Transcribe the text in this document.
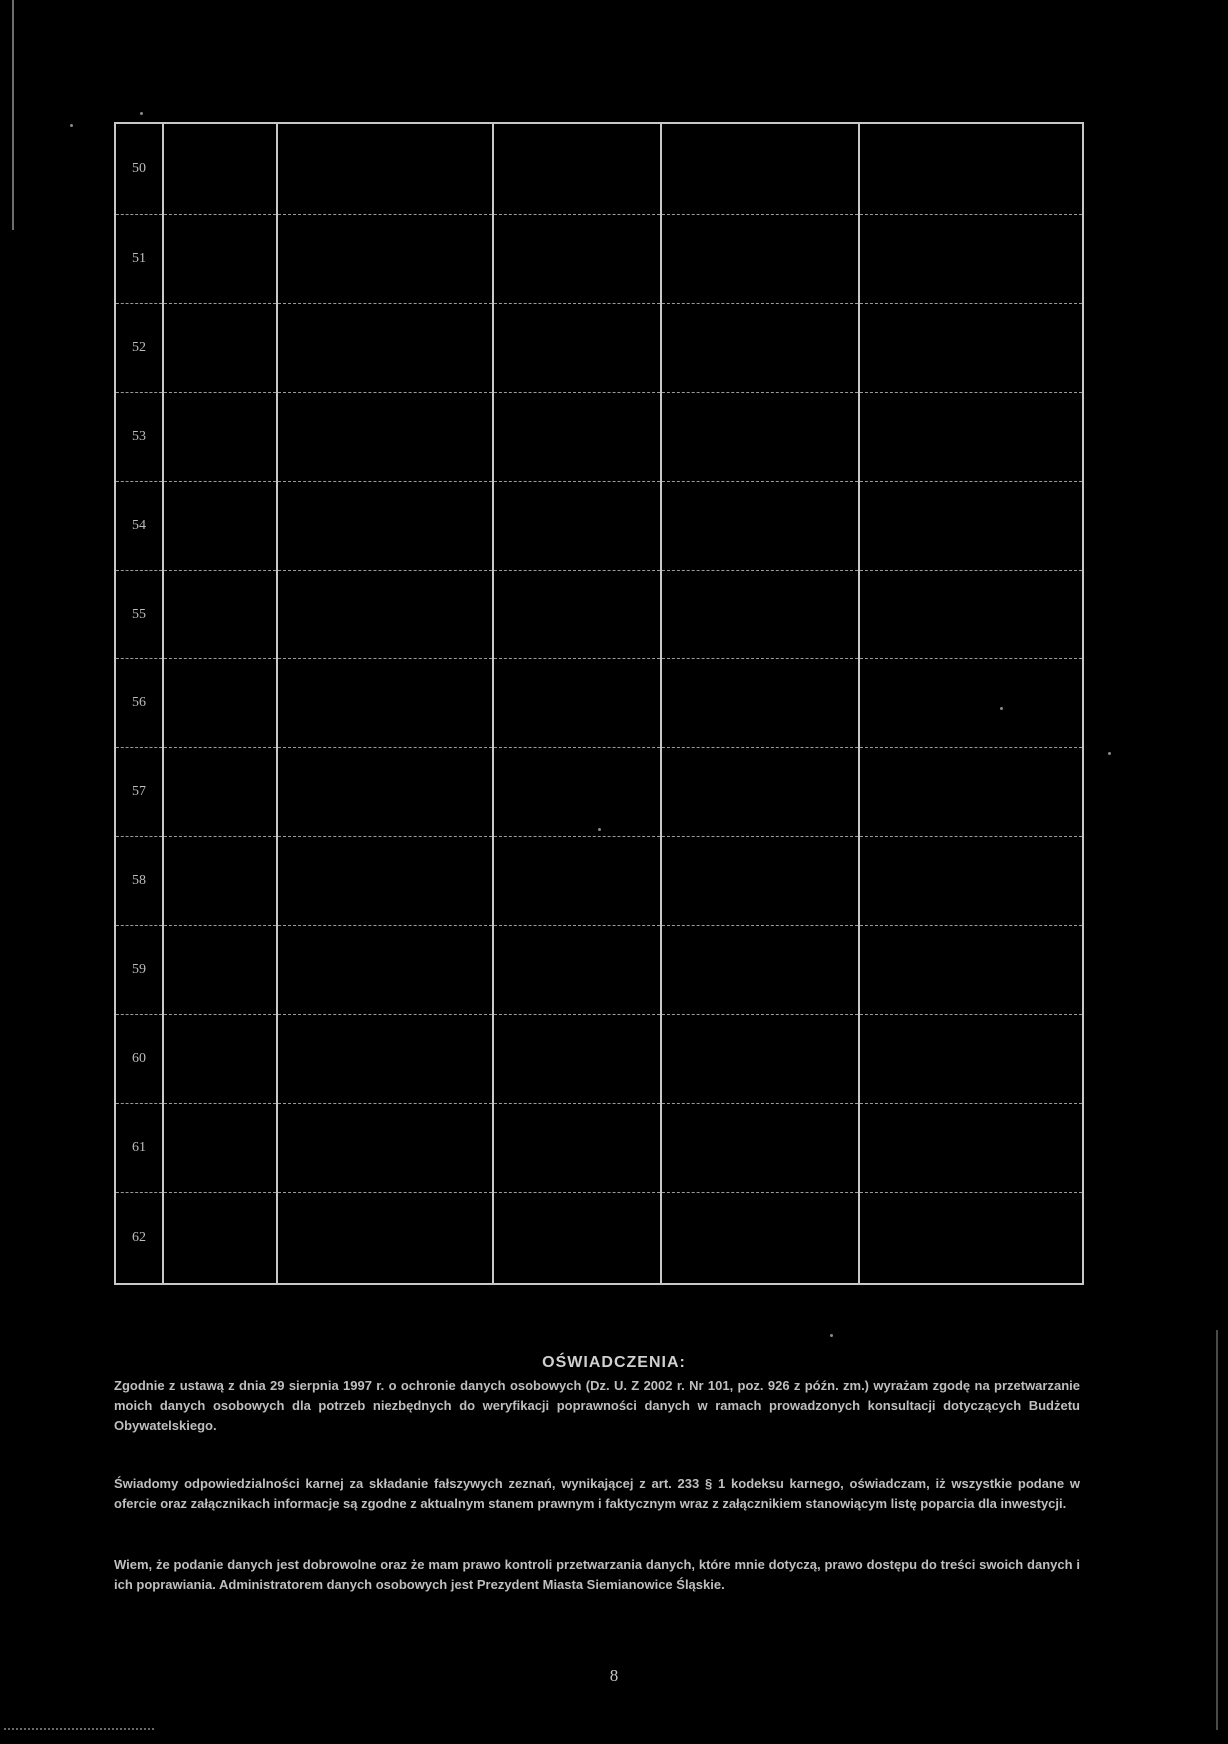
50					
51					
52					
53					
54					
55					
56					
57					
58					
59					
60					
61					
62					
OŚWIADCZENIA:
Zgodnie z ustawą z dnia 29 sierpnia 1997 r. o ochronie danych osobowych (Dz. U. Z 2002 r. Nr 101, poz. 926 z późn. zm.) wyrażam zgodę na przetwarzanie moich danych osobowych dla potrzeb niezbędnych do weryfikacji poprawności danych w ramach prowadzonych konsultacji dotyczących Budżetu Obywatelskiego.
Świadomy odpowiedzialności karnej za składanie fałszywych zeznań, wynikającej z art. 233 § 1 kodeksu karnego, oświadczam, iż wszystkie podane w ofercie oraz załącznikach informacje są zgodne z aktualnym stanem prawnym i faktycznym wraz z załącznikiem stanowiącym listę poparcia dla inwestycji.
Wiem, że podanie danych jest dobrowolne oraz że mam prawo kontroli przetwarzania danych, które mnie dotyczą, prawo dostępu do treści swoich danych i ich poprawiania. Administratorem danych osobowych jest Prezydent Miasta Siemianowice Śląskie.
8
